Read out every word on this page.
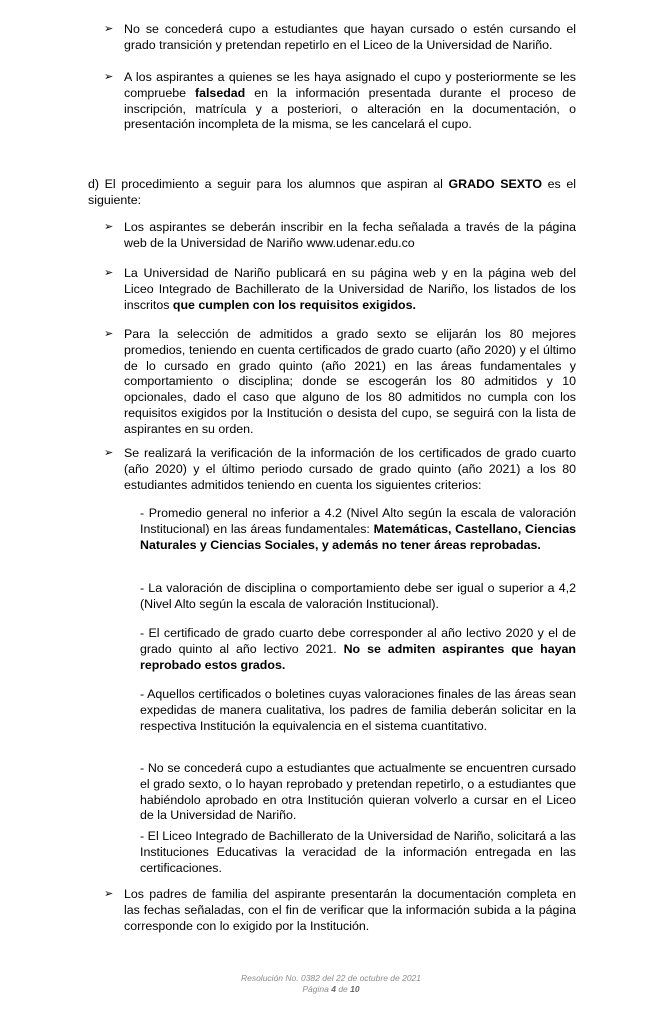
➢ No se concederá cupo a estudiantes que hayan cursado o estén cursando el grado transición y pretendan repetirlo en el Liceo de la Universidad de Nariño.
➢ A los aspirantes a quienes se les haya asignado el cupo y posteriormente se les compruebe falsedad en la información presentada durante el proceso de inscripción, matrícula y a posteriori, o alteración en la documentación, o presentación incompleta de la misma, se les cancelará el cupo.
d) El procedimiento a seguir para los alumnos que aspiran al GRADO SEXTO es el siguiente:
➢ Los aspirantes se deberán inscribir en la fecha señalada a través de la página web de la Universidad de Nariño www.udenar.edu.co
➢ La Universidad de Nariño publicará en su página web y en la página web del Liceo Integrado de Bachillerato de la Universidad de Nariño, los listados de los inscritos que cumplen con los requisitos exigidos.
➢ Para la selección de admitidos a grado sexto se elijarán los 80 mejores promedios, teniendo en cuenta certificados de grado cuarto (año 2020) y el último de lo cursado en grado quinto (año 2021) en las áreas fundamentales y comportamiento o disciplina; donde se escogerán los 80 admitidos y 10 opcionales, dado el caso que alguno de los 80 admitidos no cumpla con los requisitos exigidos por la Institución o desista del cupo, se seguirá con la lista de aspirantes en su orden.
➢ Se realizará la verificación de la información de los certificados de grado cuarto (año 2020) y el último periodo cursado de grado quinto (año 2021) a los 80 estudiantes admitidos teniendo en cuenta los siguientes criterios:
- Promedio general no inferior a 4.2 (Nivel Alto según la escala de valoración Institucional) en las áreas fundamentales: Matemáticas, Castellano, Ciencias Naturales y Ciencias Sociales, y además no tener áreas reprobadas.
- La valoración de disciplina o comportamiento debe ser igual o superior a 4,2 (Nivel Alto según la escala de valoración Institucional).
- El certificado de grado cuarto debe corresponder al año lectivo 2020 y el de grado quinto al año lectivo 2021. No se admiten aspirantes que hayan reprobado estos grados.
- Aquellos certificados o boletines cuyas valoraciones finales de las áreas sean expedidas de manera cualitativa, los padres de familia deberán solicitar en la respectiva Institución la equivalencia en el sistema cuantitativo.
- No se concederá cupo a estudiantes que actualmente se encuentren cursado el grado sexto, o lo hayan reprobado y pretendan repetirlo, o a estudiantes que habiéndolo aprobado en otra Institución quieran volverlo a cursar en el Liceo de la Universidad de Nariño.
- El Liceo Integrado de Bachillerato de la Universidad de Nariño, solicitará a las Instituciones Educativas la veracidad de la información entregada en las certificaciones.
➢ Los padres de familia del aspirante presentarán la documentación completa en las fechas señaladas, con el fin de verificar que la información subida a la página corresponde con lo exigido por la Institución.
Resolución No. 0382 del 22 de octubre de 2021
Página 4 de 10
